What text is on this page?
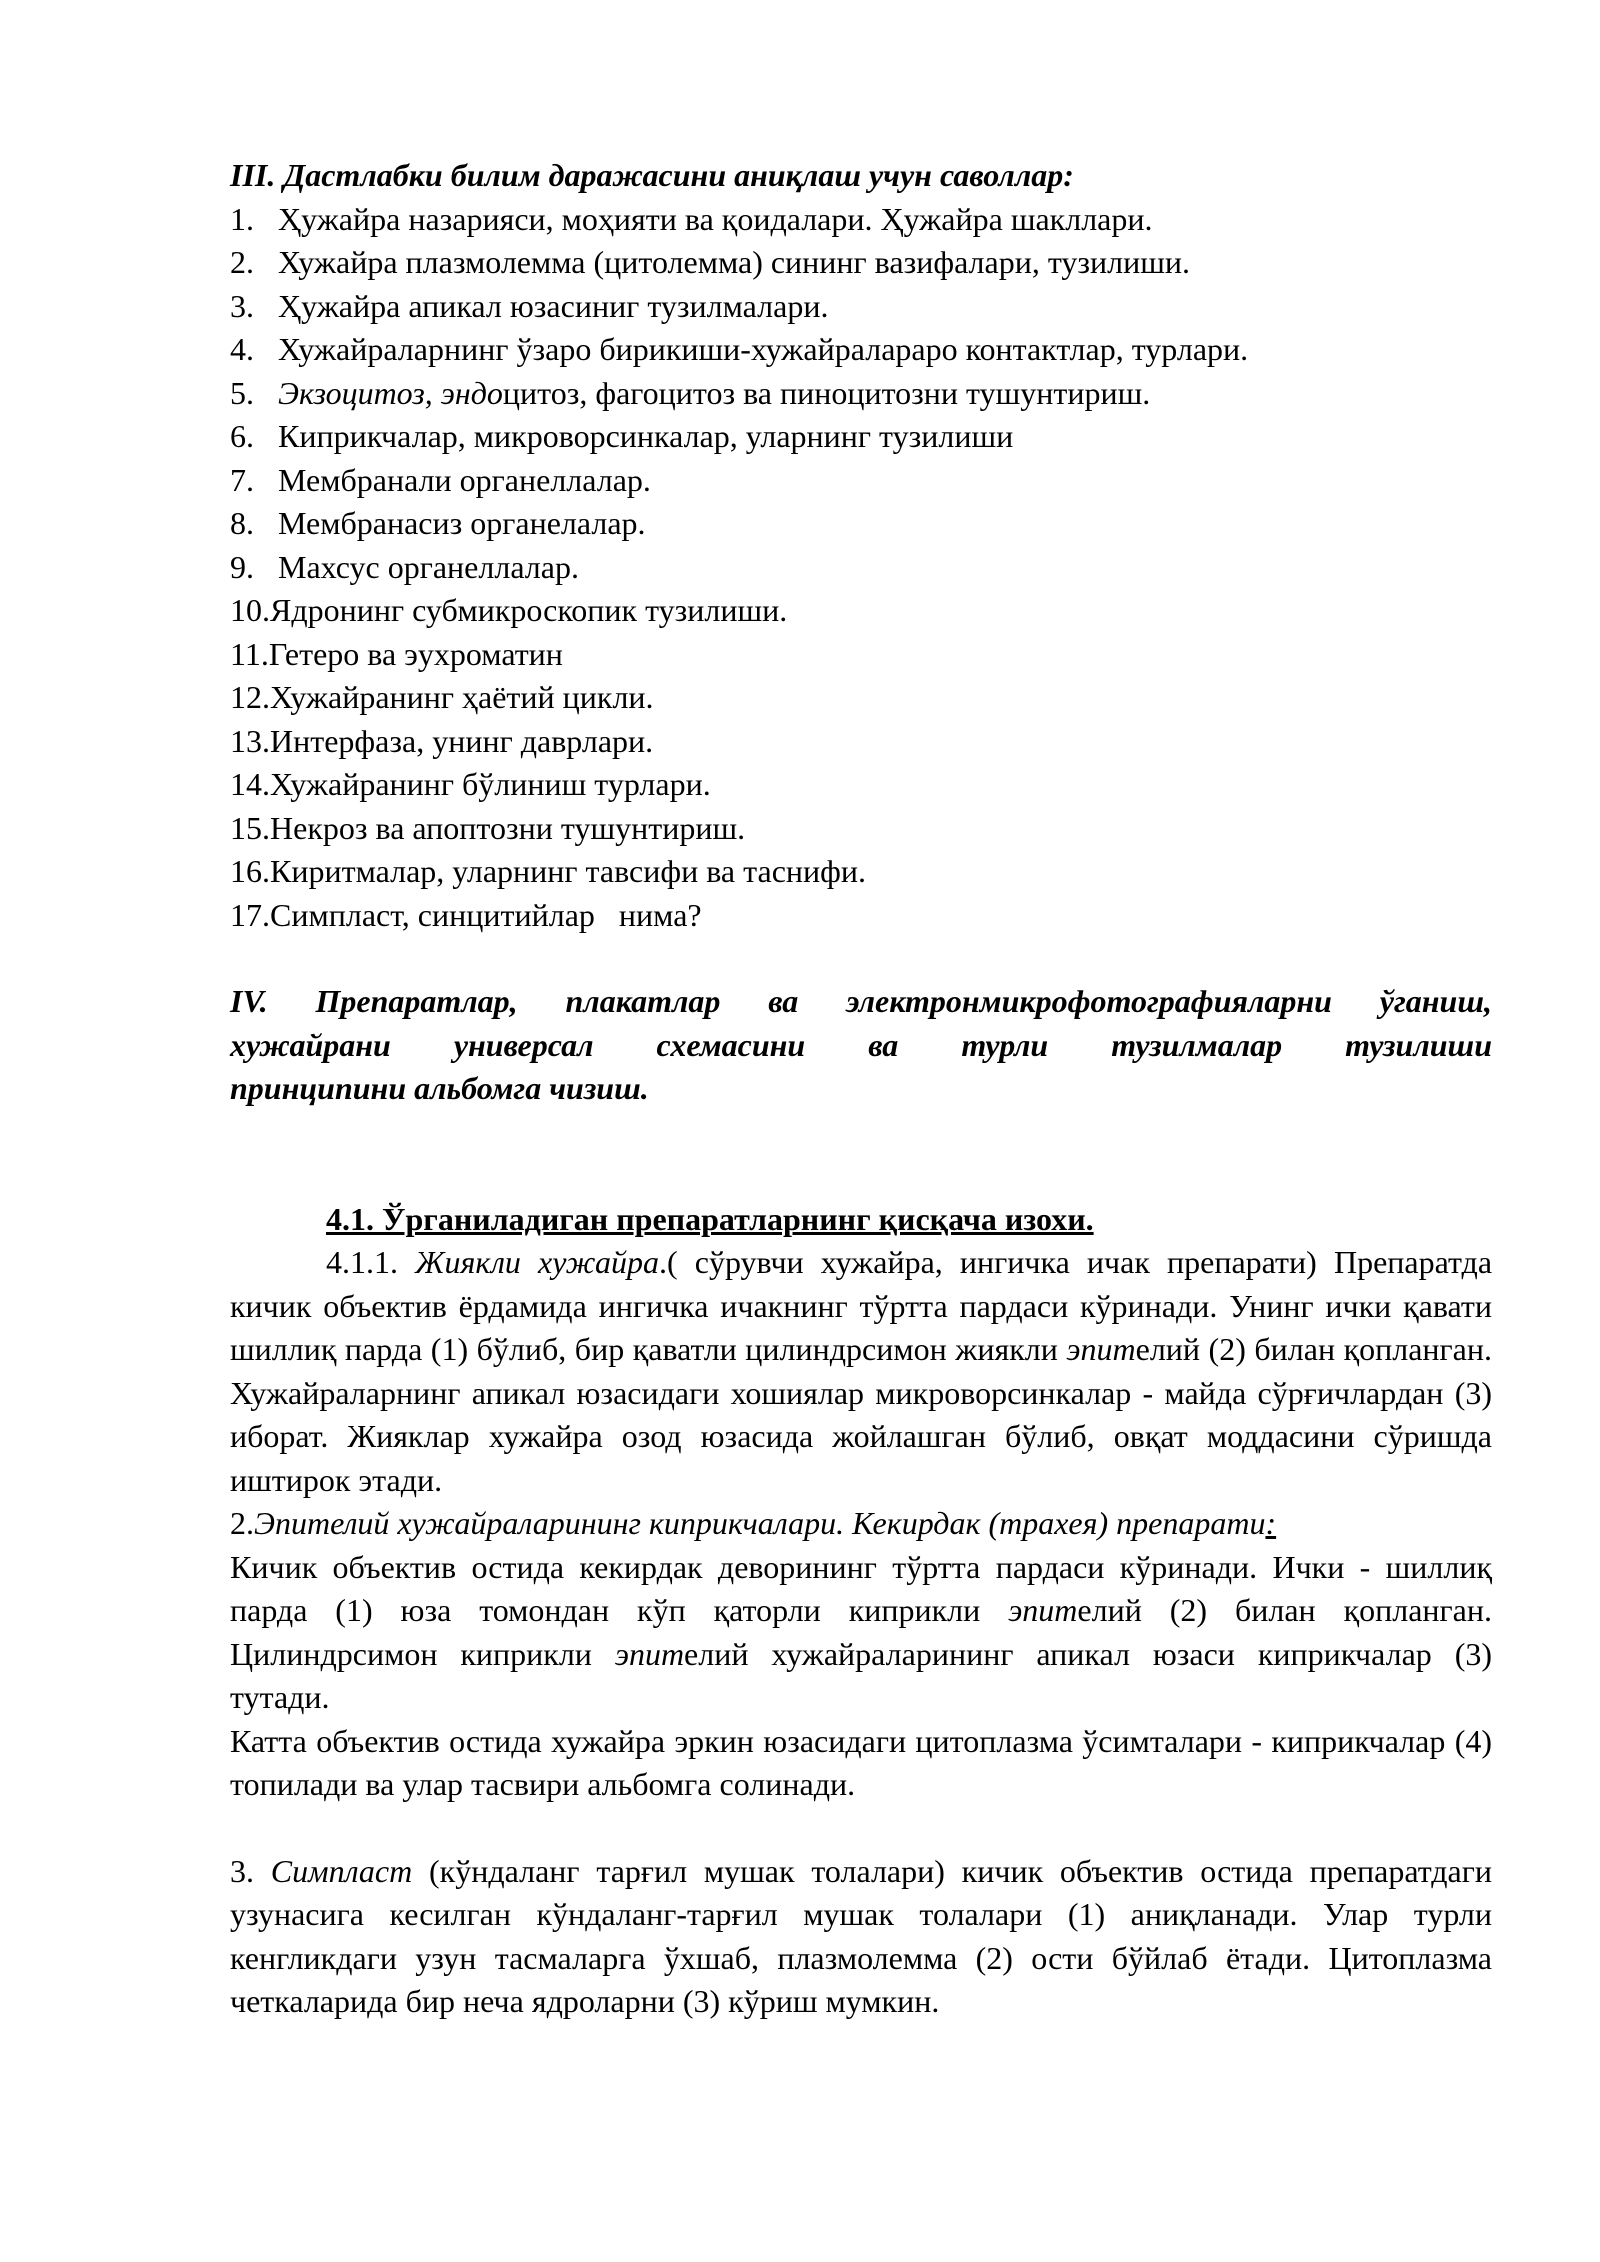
III. Дастлабки билим даражасини аниқлаш учун саволлар:
1. Ҳужайра назарияси, моҳияти ва қоидалари. Ҳужайра шакллари.
2. Хужайра плазмолемма (цитолемма) сининг вазифалари, тузилиши.
3. Ҳужайра апикал юзасиниг тузилмалари.
4. Хужайраларнинг ўзаро бирикиши-хужайралараро контактлар, турлари.
5. Экзоцитоз, эндоцитоз, фагоцитоз ва пиноцитозни тушунтириш.
6. Киприкчалар, микроворсинкалар, уларнинг тузилиши
7. Мембранали органеллалар.
8. Мембранасиз органелалар.
9. Махсус органеллалар.
10. Ядронинг субмикроскопик тузилиши.
11. Гетеро ва эухроматин
12. Хужайранинг ҳаётий цикли.
13. Интерфаза, унинг даврлари.
14. Хужайранинг бўлиниш турлари.
15. Некроз ва апоптозни тушунтириш.
16. Киритмалар, уларнинг тавсифи ва таснифи.
17. Симпласт, синцитийлар   нима?
IV. Препаратлар, плакатлар ва электронмикрофотографияларни ўганиш,
хужайрани универсал схемасини ва турли тузилмалар тузилиши
принципини альбомга чизиш.
4.1. Ўрганиладиган препаратларнинг қисқача изохи.
4.1.1. Жиякли хужайра.( сўрувчи хужайра, ингичка ичак препарати) Препаратда кичик объектив ёрдамида ингичка ичакнинг тўртта пардаси кўринади. Унинг ички қавати шиллиқ парда (1) бўлиб, бир қаватли цилиндрсимон жиякли эпителий (2) билан қопланган. Хужайраларнинг апикал юзасидаги хошиялар микроворсинкалар - майда сўрғичлардан (3) иборат. Жияклар хужайра озод юзасида жойлашган бўлиб, овқат моддасини сўришда иштирок этади.
2.Эпителий хужайраларининг киприкчалари. Кекирдак (трахея) препарати:
Кичик объектив остида кекирдак деворининг тўртта пардаси кўринади. Ички - шиллиқ парда (1) юза томондан кўп қаторли киприкли эпителий (2) билан қопланган. Цилиндрсимон киприкли эпителий хужайраларининг апикал юзаси киприкчалар (3) тутади.
Катта объектив остида хужайра эркин юзасидаги цитоплазма ўсимталари - киприкчалар (4) топилади ва улар тасвири альбомга солинади.
3. Симпласт (кўндаланг тарғил мушак толалари) кичик объектив остида препаратдаги узунасига кесилган кўндаланг-тарғил мушак толалари (1) аниқланади. Улар турли кенгликдаги узун тасмаларга ўхшаб, плазмолемма (2) ости бўйлаб ётади. Цитоплазма четкаларида бир неча ядроларни (3) кўриш мумкин.
